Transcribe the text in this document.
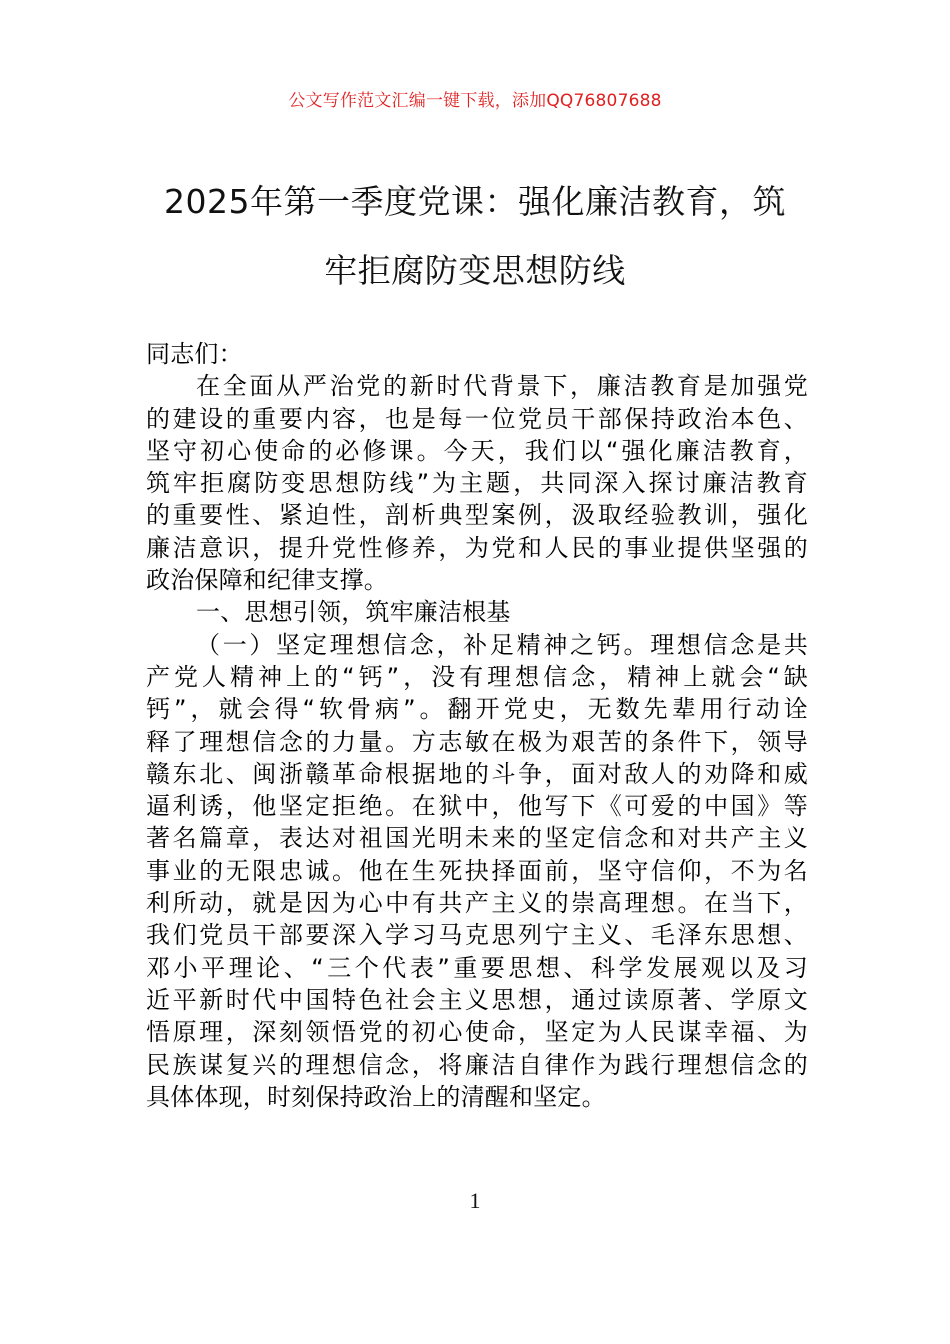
公文写作范文汇编一键下载，添加QQ76807688
2025年第一季度党课：强化廉洁教育，筑
牢拒腐防变思想防线
同志们：
在全面从严治党的新时代背景下，廉洁教育是加强党
的建设的重要内容，也是每一位党员干部保持政治本色、
坚守初心使命的必修课。今天，我们以“强化廉洁教育，
筑牢拒腐防变思想防线”为主题，共同深入探讨廉洁教育
的重要性、紧迫性，剖析典型案例，汲取经验教训，强化
廉洁意识，提升党性修养，为党和人民的事业提供坚强的
政治保障和纪律支撑。
一、思想引领，筑牢廉洁根基
（一）坚定理想信念，补足精神之钙。理想信念是共
产党人精神上的“钙”，没有理想信念，精神上就会“缺
钙”，就会得“软骨病”。翻开党史，无数先辈用行动诠
释了理想信念的力量。方志敏在极为艰苦的条件下，领导
赣东北、闽浙赣革命根据地的斗争，面对敌人的劝降和威
逼利诱，他坚定拒绝。在狱中，他写下《可爱的中国》等
著名篇章，表达对祖国光明未来的坚定信念和对共产主义
事业的无限忠诚。他在生死抉择面前，坚守信仰，不为名
利所动，就是因为心中有共产主义的崇高理想。在当下，
我们党员干部要深入学习马克思列宁主义、毛泽东思想、
邓小平理论、“三个代表”重要思想、科学发展观以及习
近平新时代中国特色社会主义思想，通过读原著、学原文
悟原理，深刻领悟党的初心使命，坚定为人民谋幸福、为
民族谋复兴的理想信念，将廉洁自律作为践行理想信念的
具体体现，时刻保持政治上的清醒和坚定。
1
